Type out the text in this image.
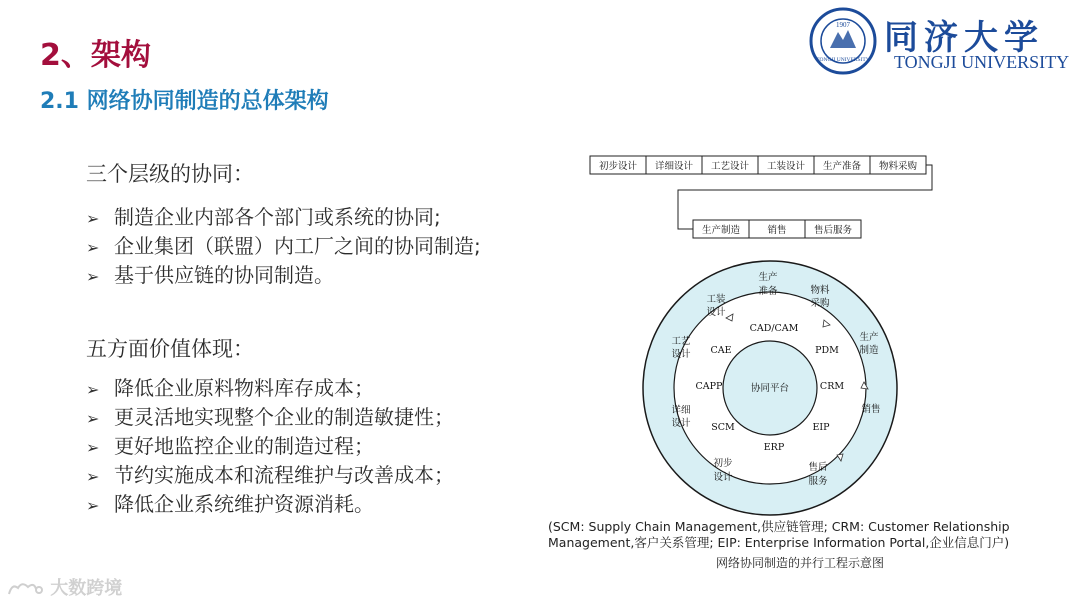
2、架构
2.1 网络协同制造的总体架构
1907
TONGJI UNIVERSITY
同济大学
TONGJI UNIVERSITY
三个层级的协同：
➢ 制造企业内部各个部门或系统的协同;
➢ 企业集团（联盟）内工厂之间的协同制造;
➢ 基于供应链的协同制造。
五方面价值体现：
➢ 降低企业原料物料库存成本；
➢ 更灵活地实现整个企业的制造敏捷性；
➢ 更好地监控企业的制造过程；
➢ 节约实施成本和流程维护与改善成本；
➢ 降低企业系统维护资源消耗。
初步设计 详细设计 工艺设计 工装设计 生产准备 物料采购
生产制造	销售	售后服务
生产
准备	物料
采购
工装
设计
工艺
设计
详细
设计
初步
设计
生产
制造
销售
售后
服务
CAD/CAM
PDM
CRM
EIP
ERP
SCM
CAPP
CAE
协同平台
(SCM: Supply Chain Management,供应链管理; CRM: Customer Relationship
Management,客户关系管理; EIP: Enterprise Information Portal,企业信息门户)
网络协同制造的并行工程示意图
大数跨境
